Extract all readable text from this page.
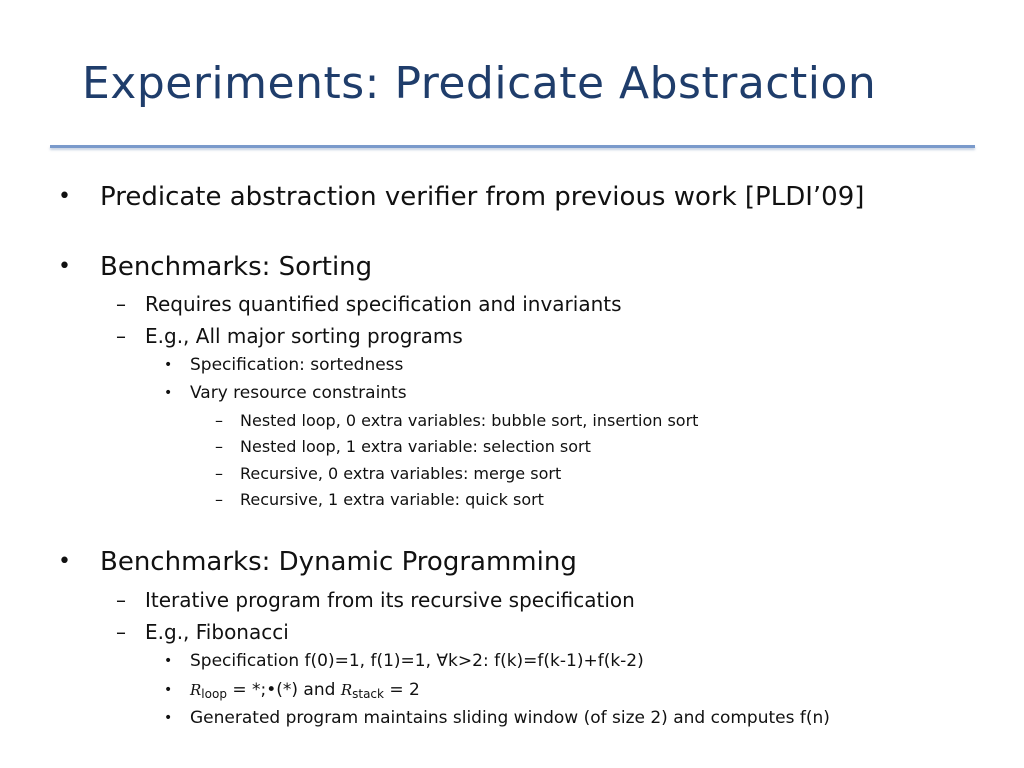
Experiments: Predicate Abstraction
• Predicate abstraction verifier from previous work [PLDI’09]
• Benchmarks: Sorting
– Requires quantified specification and invariants
– E.g., All major sorting programs
• Specification: sortedness
• Vary resource constraints
– Nested loop, 0 extra variables: bubble sort, insertion sort
– Nested loop, 1 extra variable: selection sort
– Recursive, 0 extra variables: merge sort
– Recursive, 1 extra variable: quick sort
• Benchmarks: Dynamic Programming
– Iterative program from its recursive specification
– E.g., Fibonacci
• Specification f(0)=1, f(1)=1, ∀k>2: f(k)=f(k-1)+f(k-2)
• $R_{loop}$ = *;•(*) and $R_{stack} = 2$
• Generated program maintains sliding window (of size 2) and computes f(n)
